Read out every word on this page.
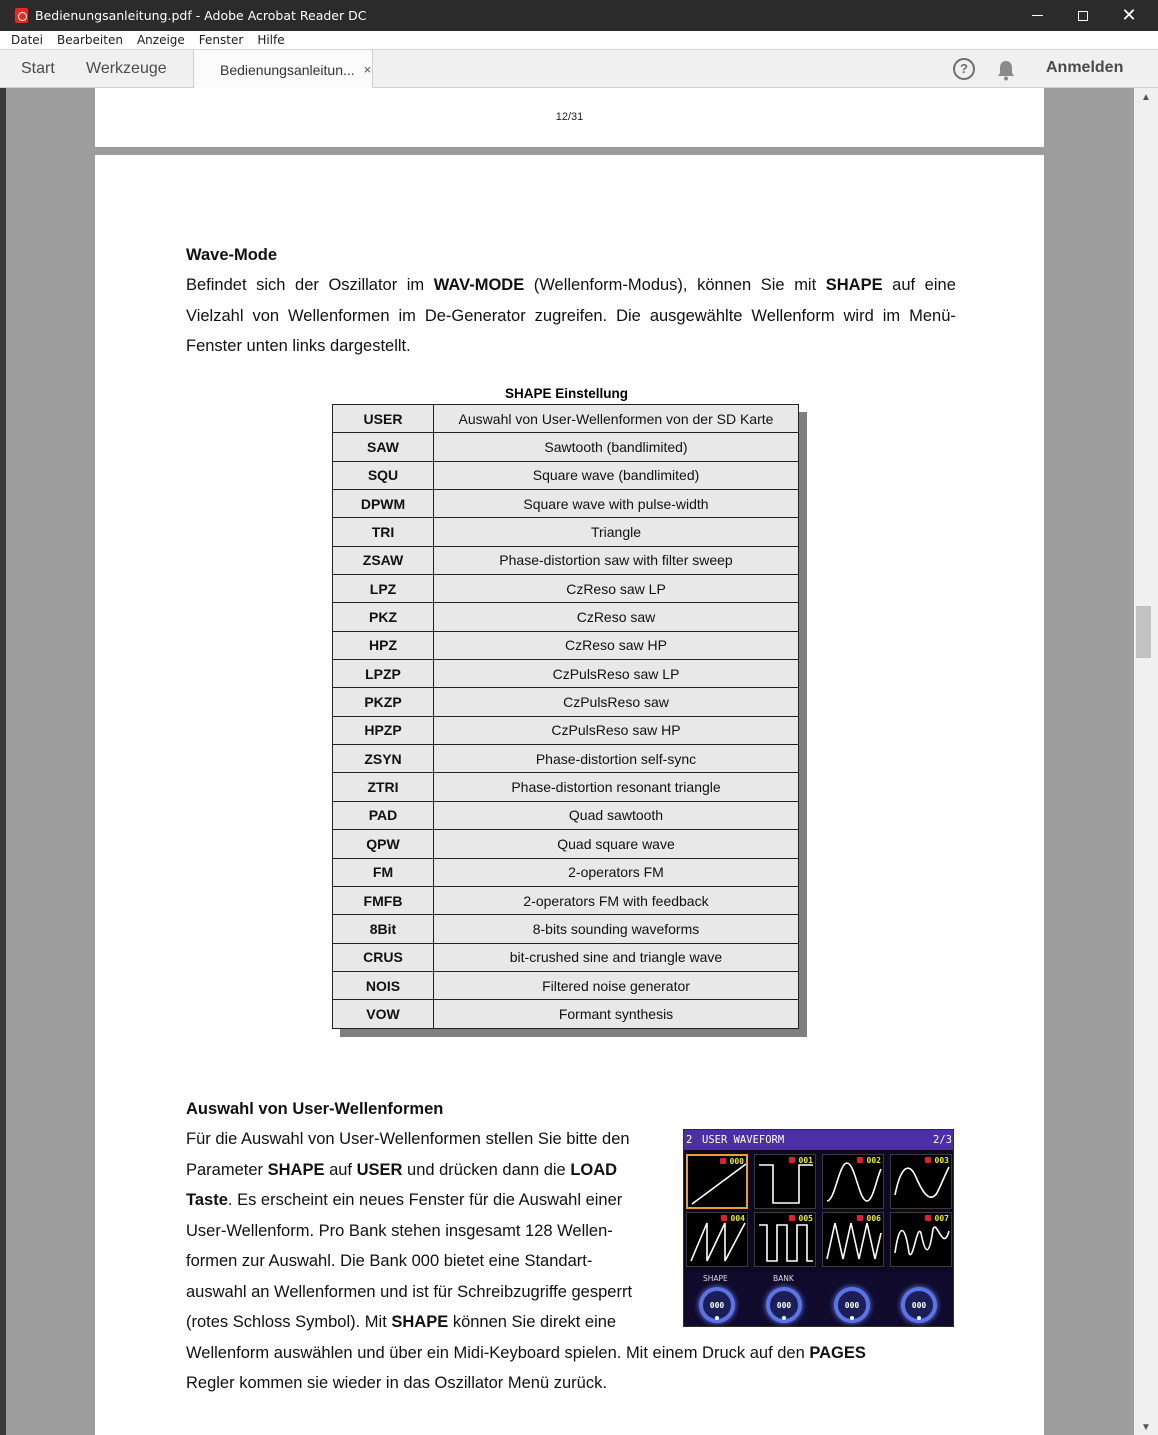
Bedienungsanleitung.pdf - Adobe Acrobat Reader DC	✕
Datei	Bearbeiten	Anzeige	Fenster	Hilfe
Start Werkzeuge	Bedienungsanleitun... ×	?	Anmelden
▲
▼
12/31
Wave-Mode
Befindet sich der Oszillator im WAV-MODE (Wellenform-Modus), können Sie mit SHAPE auf eine
Vielzahl von Wellenformen im De-Generator zugreifen. Die ausgewählte Wellenform wird im Menü-
Fenster unten links dargestellt.
SHAPE Einstellung
USER	Auswahl von User-Wellenformen von der SD Karte
SAW	Sawtooth (bandlimited)
SQU	Square wave (bandlimited)
DPWM	Square wave with pulse-width
TRI	Triangle
ZSAW	Phase-distortion saw with filter sweep
LPZ	CzReso saw LP
PKZ	CzReso saw
HPZ	CzReso saw HP
LPZP	CzPulsReso saw LP
PKZP	CzPulsReso saw
HPZP	CzPulsReso saw HP
ZSYN	Phase-distortion self-sync
ZTRI	Phase-distortion resonant triangle
PAD	Quad sawtooth
QPW	Quad square wave
FM	2-operators FM
FMFB	2-operators FM with feedback
8Bit	8-bits sounding waveforms
CRUS	bit-crushed sine and triangle wave
NOIS	Filtered noise generator
VOW	Formant synthesis
Auswahl von User-Wellenformen
Für die Auswahl von User-Wellenformen stellen Sie bitte den
Parameter SHAPE auf USER und drücken dann die LOAD
Taste. Es erscheint ein neues Fenster für die Auswahl einer
User-Wellenform. Pro Bank stehen insgesamt 128 Wellen-
formen zur Auswahl. Die Bank 000 bietet eine Standart-
auswahl an Wellenformen und ist für Schreibzugriffe gesperrt
(rotes Schloss Symbol). Mit SHAPE können Sie direkt eine
Wellenform auswählen und über ein Midi-Keyboard spielen. Mit einem Druck auf den PAGES
Regler kommen sie wieder in das Oszillator Menü zurück.
2 USER WAVEFORM	2/3
000	001	002	003
004	005	006	007
SHAPE	BANK
000	000	000	000
